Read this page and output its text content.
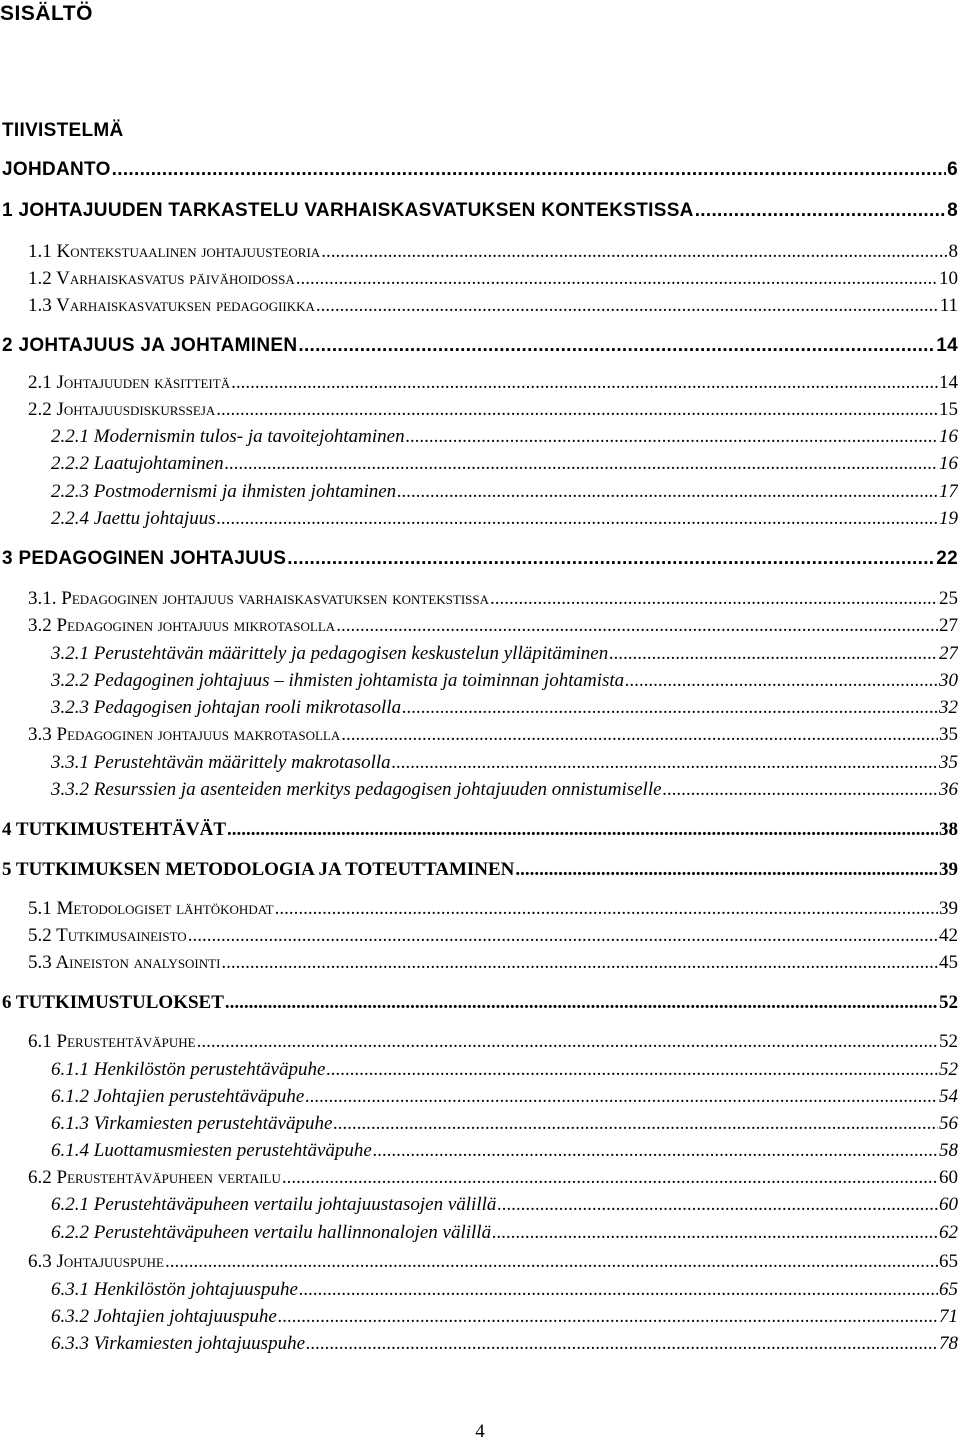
SISÄLTÖ
TIIVISTELMÄ
JOHDANTO .....	6
1 JOHTAJUUDEN TARKASTELU VARHAISKASVATUKSEN KONTEKSTISSA .....	8
1.1 Kontekstuaalinen johtajuusteoria .....	8
1.2 Varhaiskasvatus päivähoidossa .....	10
1.3 Varhaiskasvatuksen pedagogiikka .....	11
2 JOHTAJUUS JA JOHTAMINEN .....	14
2.1 Johtajuuden käsitteitä .....	14
2.2 Johtajuusdiskursseja .....	15
2.2.1 Modernismin tulos- ja tavoitejohtaminen .....	16
2.2.2 Laatujohtaminen .....	16
2.2.3 Postmodernismi ja ihmisten johtaminen .....	17
2.2.4 Jaettu johtajuus .....	19
3 PEDAGOGINEN JOHTAJUUS .....	22
3.1. Pedagoginen johtajuus varhaiskasvatuksen kontekstissa .....	25
3.2 Pedagoginen johtajuus mikrotasolla .....	27
3.2.1 Perustehtävän määrittely ja pedagogisen keskustelun ylläpitäminen .....	27
3.2.2 Pedagoginen johtajuus – ihmisten johtamista ja toiminnan johtamista .....	30
3.2.3 Pedagogisen johtajan rooli mikrotasolla .....	32
3.3 Pedagoginen johtajuus makrotasolla .....	35
3.3.1 Perustehtävän määrittely makrotasolla .....	35
3.3.2 Resurssien ja asenteiden merkitys pedagogisen johtajuuden onnistumiselle .....	36
4 TUTKIMUSTEHTÄVÄT .....	38
5 TUTKIMUKSEN METODOLOGIA JA TOTEUTTAMINEN .....	39
5.1 Metodologiset lähtökohdat .....	39
5.2 Tutkimusaineisto .....	42
5.3 Aineiston analysointi .....	45
6 TUTKIMUSTULOKSET .....	52
6.1 Perustehtäväpuhe .....	52
6.1.1 Henkilöstön perustehtäväpuhe .....	52
6.1.2 Johtajien perustehtäväpuhe .....	54
6.1.3 Virkamiesten perustehtäväpuhe .....	56
6.1.4 Luottamusmiesten perustehtäväpuhe .....	58
6.2 Perustehtäväpuheen vertailu .....	60
6.2.1 Perustehtäväpuheen vertailu johtajuustasojen välillä .....	60
6.2.2 Perustehtäväpuheen vertailu hallinnonalojen välillä .....	62
6.3 Johtajuuspuhe .....	65
6.3.1 Henkilöstön johtajuuspuhe .....	65
6.3.2 Johtajien johtajuuspuhe .....	71
6.3.3 Virkamiesten johtajuuspuhe .....	78
4
